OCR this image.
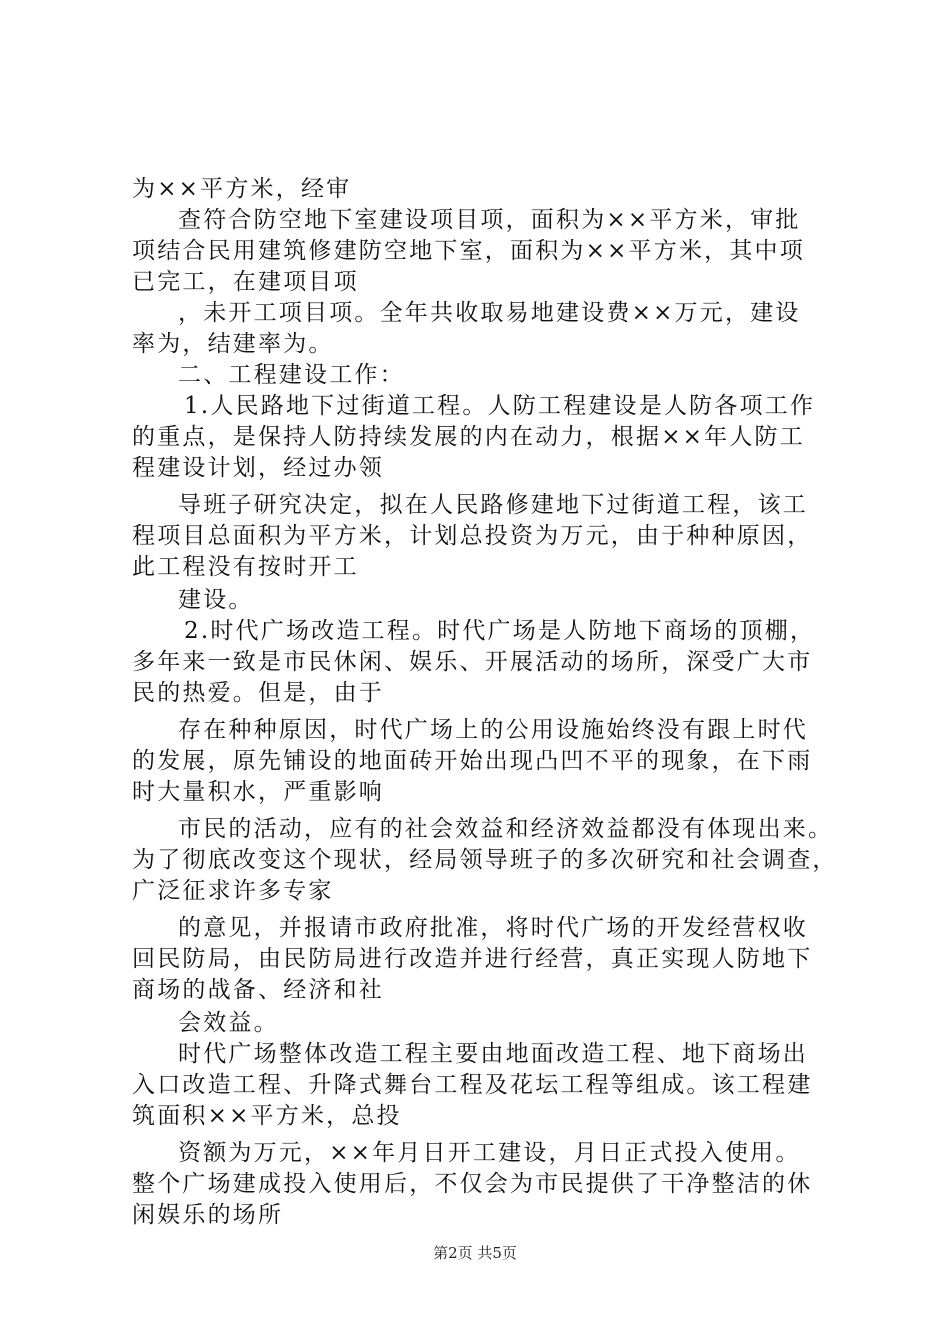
为××平方米，经审
查符合防空地下室建设项目项，面积为××平方米，审批
项结合民用建筑修建防空地下室，面积为××平方米，其中项
已完工，在建项目项
，未开工项目项。全年共收取易地建设费××万元，建设
率为，结建率为。
二、工程建设工作：
1.人民路地下过街道工程。人防工程建设是人防各项工作
的重点，是保持人防持续发展的内在动力，根据××年人防工
程建设计划，经过办领
导班子研究决定，拟在人民路修建地下过街道工程，该工
程项目总面积为平方米，计划总投资为万元，由于种种原因，
此工程没有按时开工
建设。
2.时代广场改造工程。时代广场是人防地下商场的顶棚，
多年来一致是市民休闲、娱乐、开展活动的场所，深受广大市
民的热爱。但是，由于
存在种种原因，时代广场上的公用设施始终没有跟上时代
的发展，原先铺设的地面砖开始出现凸凹不平的现象，在下雨
时大量积水，严重影响
市民的活动，应有的社会效益和经济效益都没有体现出来。
为了彻底改变这个现状，经局领导班子的多次研究和社会调查，
广泛征求许多专家
的意见，并报请市政府批准，将时代广场的开发经营权收
回民防局，由民防局进行改造并进行经营，真正实现人防地下
商场的战备、经济和社
会效益。
时代广场整体改造工程主要由地面改造工程、地下商场出
入口改造工程、升降式舞台工程及花坛工程等组成。该工程建
筑面积××平方米，总投
资额为万元，××年月日开工建设，月日正式投入使用。
整个广场建成投入使用后，不仅会为市民提供了干净整洁的休
闲娱乐的场所
第2页 共5页
